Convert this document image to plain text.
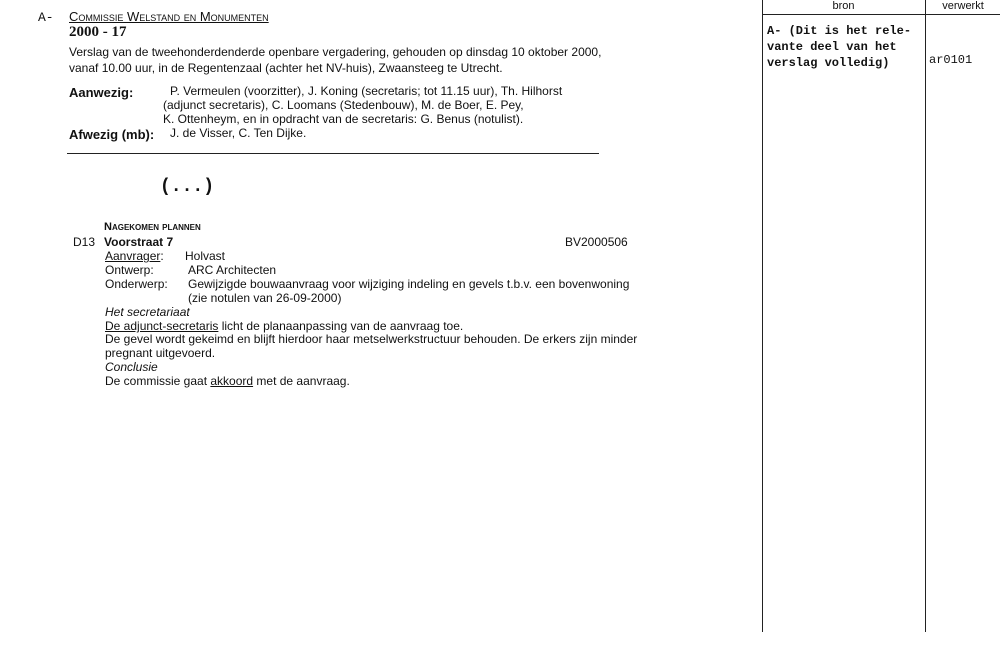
A- Commissie Welstand en Monumenten
2000 - 17
Verslag van de tweehonderdenderde openbare vergadering, gehouden op dinsdag 10 oktober 2000,
vanaf 10.00 uur, in de Regentenzaal (achter het NV-huis), Zwaansteeg te Utrecht.
Aanwezig:	P. Vermeulen (voorzitter), J. Koning (secretaris; tot 11.15 uur), Th. Hilhorst
(adjunct secretaris), C. Loomans (Stedenbouw), M. de Boer, E. Pey,
K. Ottenheym, en in opdracht van de secretaris: G. Benus (notulist).
Afwezig (mb): J. de Visser, C. Ten Dijke.
(...)
Nagekomen plannen
D13 Voorstraat 7	BV2000506
Aanvrager: Holvast
Ontwerp:	ARC Architecten
Onderwerp: Gewijzigde bouwaanvraag voor wijziging indeling en gevels t.b.v. een bovenwoning
(zie notulen van 26-09-2000)
Het secretariaat
De adjunct-secretaris licht de planaanpassing van de aanvraag toe.
De gevel wordt gekeimd en blijft hierdoor haar metselwerkstructuur behouden. De erkers zijn minder
pregnant uitgevoerd.
Conclusie
De commissie gaat akkoord met de aanvraag.
bron	verwerkt
A- (Dit is het rele-
vante deel van het
verslag volledig)	ar0101
